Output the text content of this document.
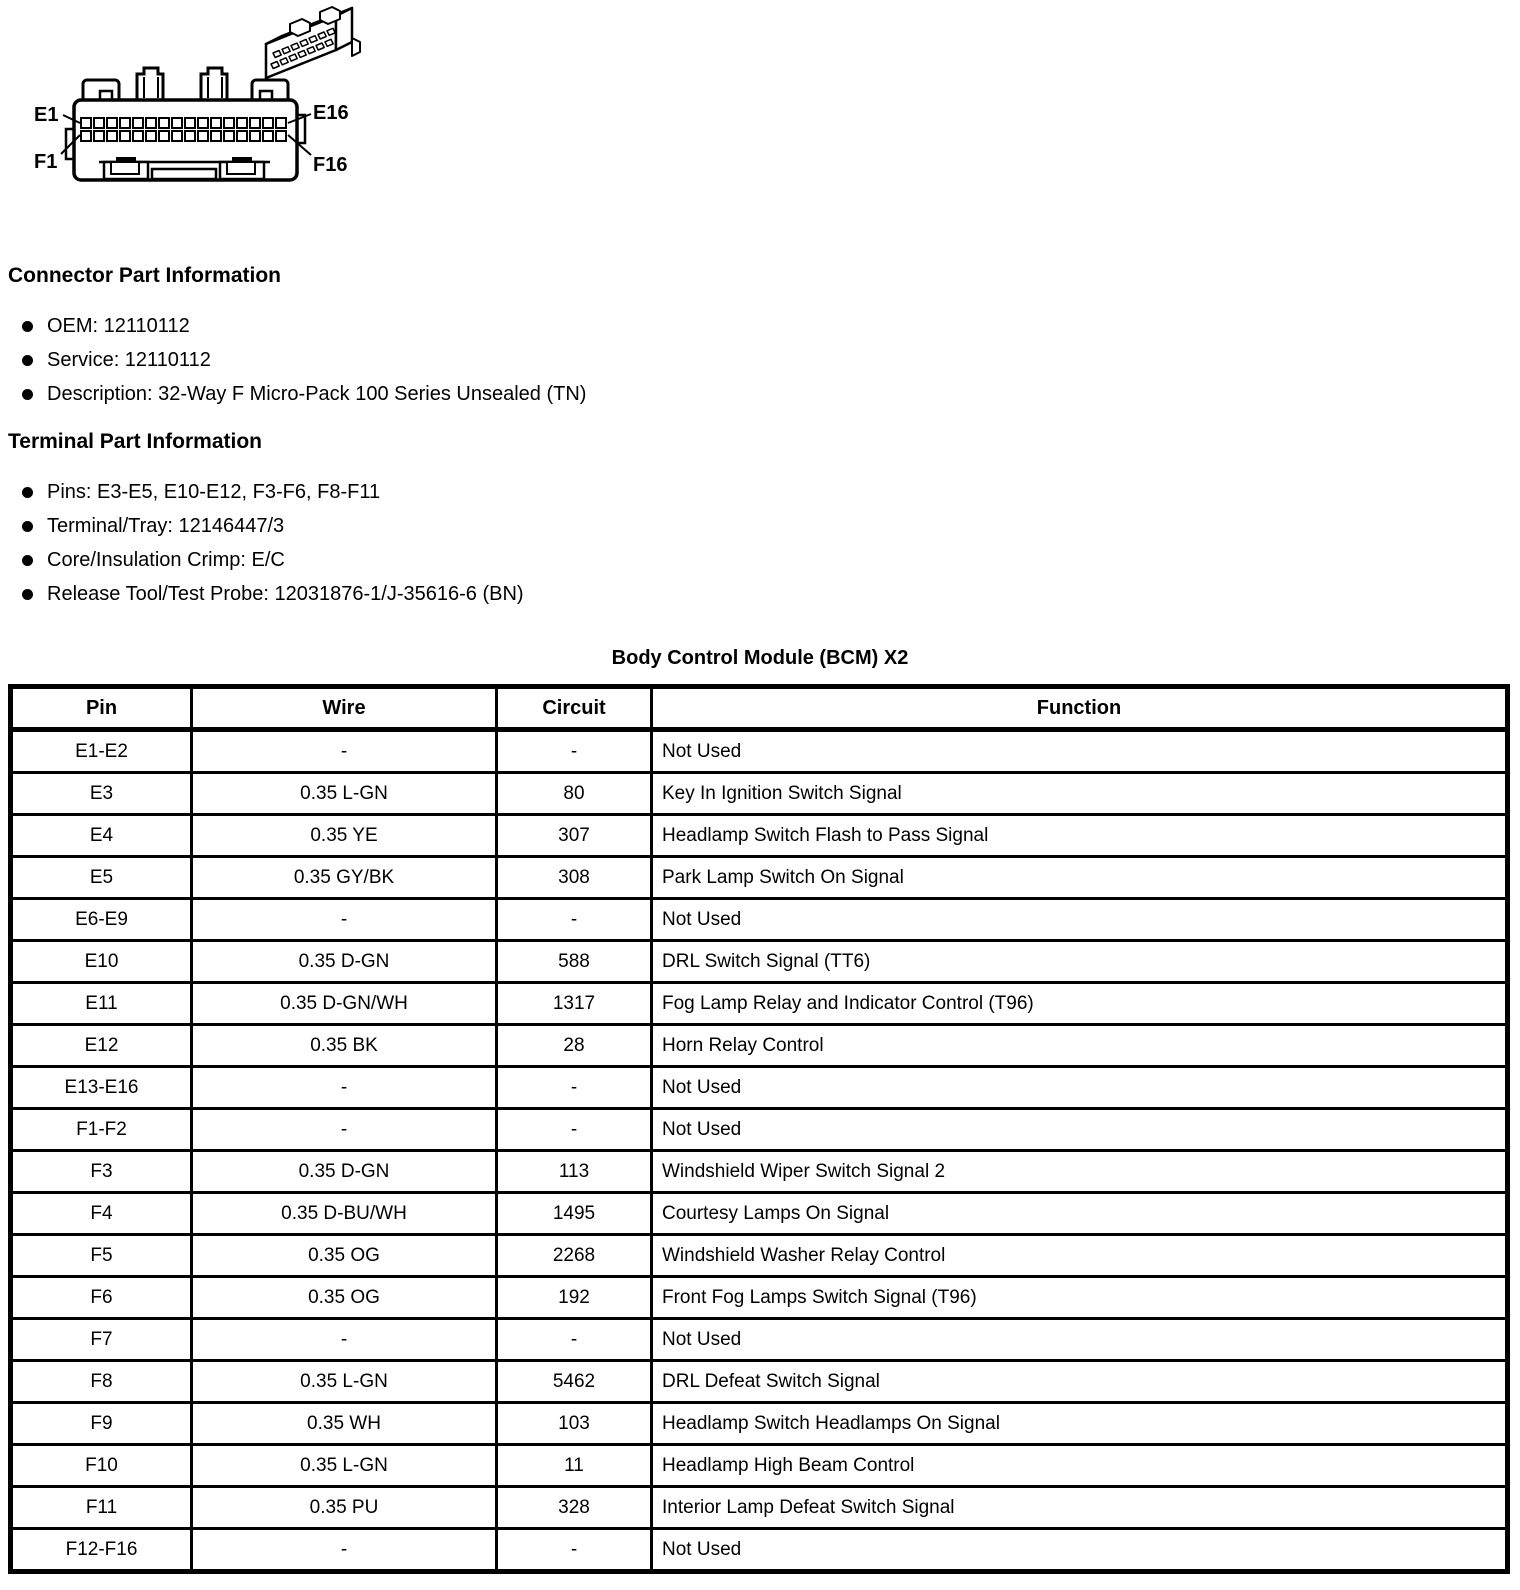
E1
F1
E16
F16
Connector Part Information
OEM: 12110112
Service: 12110112
Description: 32-Way F Micro-Pack 100 Series Unsealed (TN)
Terminal Part Information
Pins: E3-E5, E10-E12, F3-F6, F8-F11
Terminal/Tray: 12146447/3
Core/Insulation Crimp: E/C
Release Tool/Test Probe: 12031876-1/J-35616-6 (BN)
Body Control Module (BCM) X2
Pin	Wire	Circuit	Function
E1-E2	-	-	Not Used
E3	0.35 L-GN	80	Key In Ignition Switch Signal
E4	0.35 YE	307	Headlamp Switch Flash to Pass Signal
E5	0.35 GY/BK	308	Park Lamp Switch On Signal
E6-E9	-	-	Not Used
E10	0.35 D-GN	588	DRL Switch Signal (TT6)
E11	0.35 D-GN/WH	1317	Fog Lamp Relay and Indicator Control (T96)
E12	0.35 BK	28	Horn Relay Control
E13-E16	-	-	Not Used
F1-F2	-	-	Not Used
F3	0.35 D-GN	113	Windshield Wiper Switch Signal 2
F4	0.35 D-BU/WH	1495	Courtesy Lamps On Signal
F5	0.35 OG	2268	Windshield Washer Relay Control
F6	0.35 OG	192	Front Fog Lamps Switch Signal (T96)
F7	-	-	Not Used
F8	0.35 L-GN	5462	DRL Defeat Switch Signal
F9	0.35 WH	103	Headlamp Switch Headlamps On Signal
F10	0.35 L-GN	11	Headlamp High Beam Control
F11	0.35 PU	328	Interior Lamp Defeat Switch Signal
F12-F16	-	-	Not Used
